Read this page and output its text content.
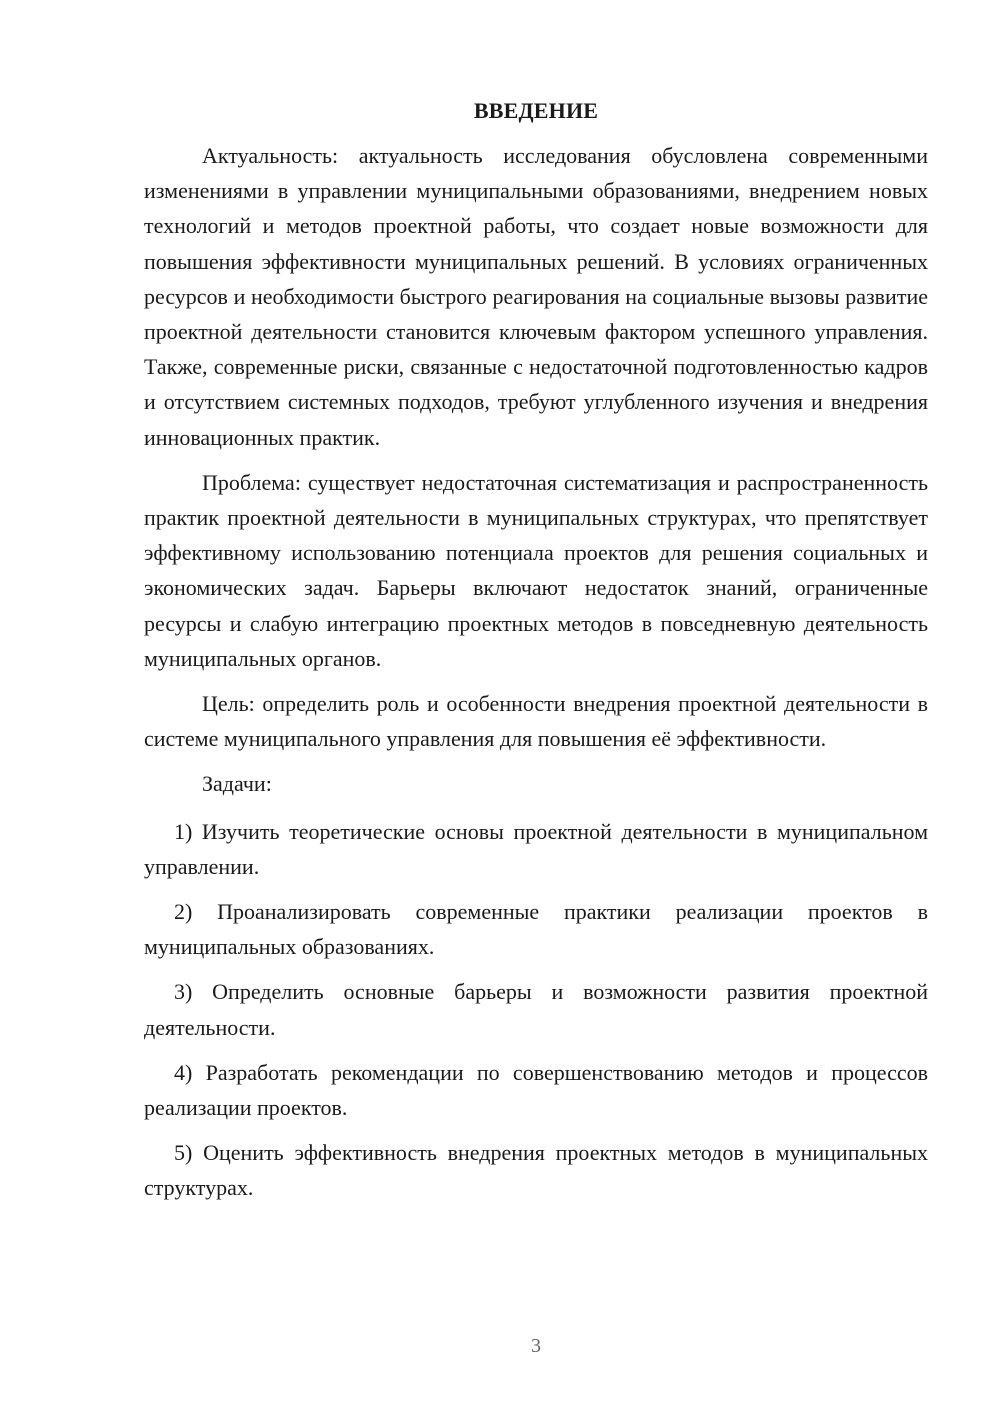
ВВЕДЕНИЕ

Актуальность: актуальность исследования обусловлена современными изменениями в управлении муниципальными образованиями, внедрением новых технологий и методов проектной работы, что создает новые возможности для повышения эффективности муниципальных решений. В условиях ограниченных ресурсов и необходимости быстрого реагирования на социальные вызовы развитие проектной деятельности становится ключевым фактором успешного управления. Также, современные риски, связанные с недостаточной подготовленностью кадров и отсутствием системных подходов, требуют углубленного изучения и внедрения инновационных практик.

Проблема: существует недостаточная систематизация и распространенность практик проектной деятельности в муниципальных структурах, что препятствует эффективному использованию потенциала проектов для решения социальных и экономических задач. Барьеры включают недостаток знаний, ограниченные ресурсы и слабую интеграцию проектных методов в повседневную деятельность муниципальных органов.

Цель: определить роль и особенности внедрения проектной деятельности в системе муниципального управления для повышения её эффективности.

Задачи:

1) Изучить теоретические основы проектной деятельности в муниципальном управлении.

2) Проанализировать современные практики реализации проектов в муниципальных образованиях.

3) Определить основные барьеры и возможности развития проектной деятельности.

4) Разработать рекомендации по совершенствованию методов и процессов реализации проектов.

5) Оценить эффективность внедрения проектных методов в муниципальных структурах.

3
